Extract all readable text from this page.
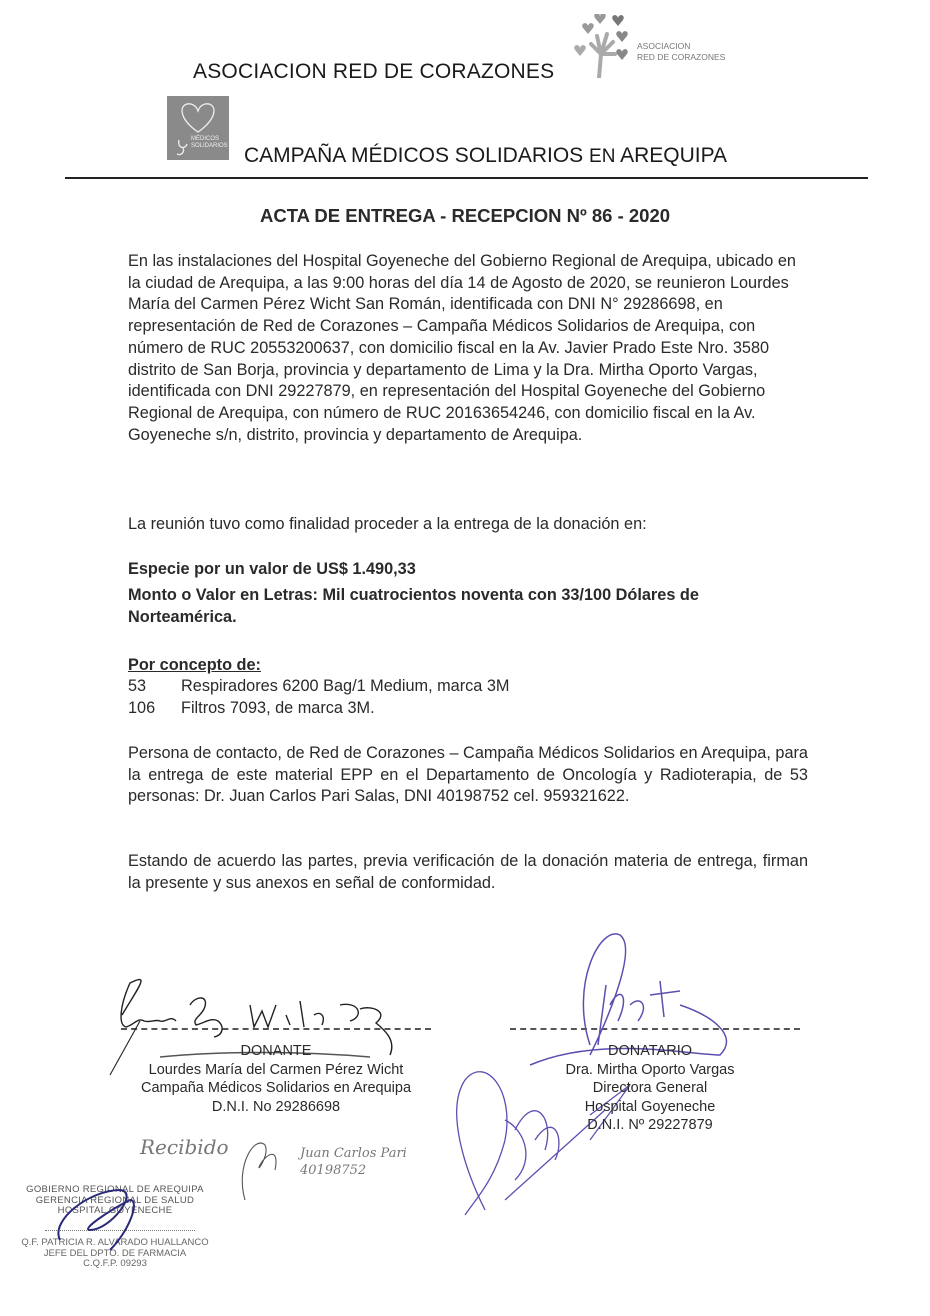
ASOCIACION RED DE CORAZONES
ASOCIACION
RED DE CORAZONES
MÉDICOS
SOLIDARIOS CAMPAÑA MÉDICOS SOLIDARIOS EN AREQUIPA
ACTA DE ENTREGA - RECEPCION Nº 86 - 2020
En las instalaciones del Hospital Goyeneche del Gobierno Regional de Arequipa, ubicado en la ciudad de Arequipa, a las 9:00 horas del día 14 de Agosto de 2020, se reunieron Lourdes María del Carmen Pérez Wicht San Román, identificada con DNI N° 29286698, en representación de Red de Corazones – Campaña Médicos Solidarios de Arequipa, con número de RUC 20553200637, con domicilio fiscal en la Av. Javier Prado Este Nro. 3580 distrito de San Borja, provincia y departamento de Lima y la Dra. Mirtha Oporto Vargas, identificada con DNI 29227879, en representación del Hospital Goyeneche del Gobierno Regional de Arequipa, con número de RUC 20163654246, con domicilio fiscal en la Av. Goyeneche s/n, distrito, provincia y departamento de Arequipa.
La reunión tuvo como finalidad proceder a la entrega de la donación en:
Especie por un valor de US$ 1.490,33
Monto o Valor en Letras: Mil cuatrocientos noventa con 33/100 Dólares de Norteamérica.
Por concepto de:
53 Respiradores 6200 Bag/1 Medium, marca 3M
106 Filtros 7093, de marca 3M.
Persona de contacto, de Red de Corazones – Campaña Médicos Solidarios en Arequipa, para la entrega de este material EPP en el Departamento de Oncología y Radioterapia, de 53 personas: Dr. Juan Carlos Pari Salas, DNI 40198752 cel. 959321622.
Estando de acuerdo las partes, previa verificación de la donación materia de entrega, firman la presente y sus anexos en señal de conformidad.
DONANTE
Lourdes María del Carmen Pérez Wicht
Campaña Médicos Solidarios en Arequipa
D.N.I. No 29286698
DONATARIO
Dra. Mirtha Oporto Vargas
Directora General
Hospital Goyeneche
D.N.I. Nº 29227879
Recibido	Juan Carlos Pari
40198752
GOBIERNO REGIONAL DE AREQUIPA
GERENCIA REGIONAL DE SALUD
HOSPITAL GOYENECHE
Q.F. PATRICIA R. ALVARADO HUALLANCO
JEFE DEL DPTO. DE FARMACIA
C.Q.F.P. 09293
